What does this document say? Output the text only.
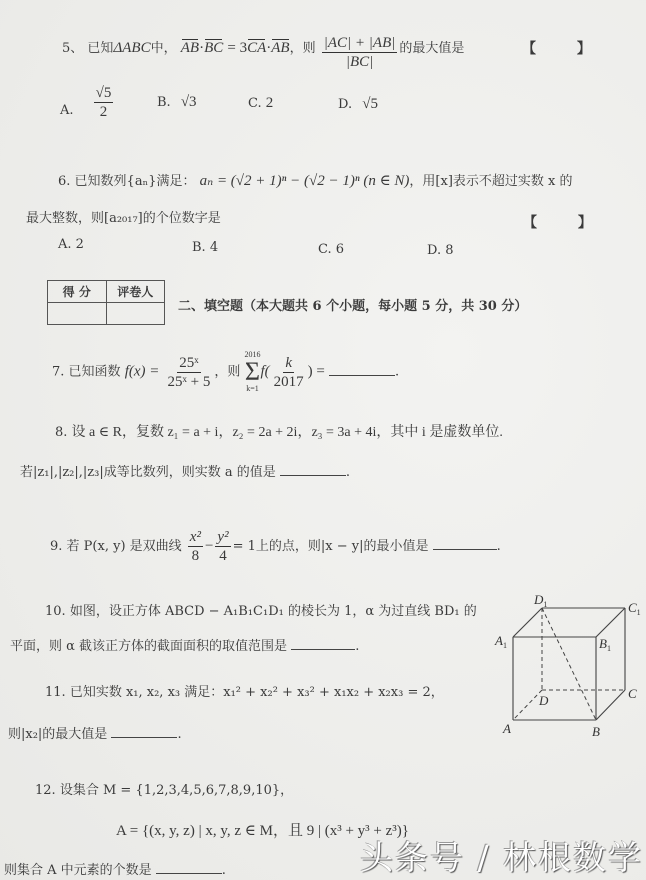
5、 已知ΔABC中， AB·BC = 3CA·AB，则 $\frac{|AC| + |AB|}{|BC|}$ 的最大值是	【 】
A. $\frac{√5}{2}$	B. √3	C. 2	D. √5
6. 已知数列{aₙ}满足： aₙ = (√2 + 1)ⁿ − (√2 − 1)ⁿ (n ∈ N)，用[x]表示不超过实数 x 的
最大整数，则[a₂₀₁₇]的个位数字是	【 】
A. 2	B. 4	C. 6	D. 8
得 分	评卷人

二、填空题（本大题共 6 个小题，每小题 5 分，共 30 分）
7. 已知函数 $f(x) = \frac{\text{25ˣ}}{\text{25ˣ + 5}}$ ，则
2016
Σ
k=1
$f( \frac{k}{2017}$ ) =	.
8. 设 a ∈ R，复数 z₁ = a + i，z₂ = 2a + 2i，z₃ = 3a + 4i，其中 i 是虚数单位.
若|z₁|,|z₂|,|z₃|成等比数列，则实数 a 的值是	.
9. 若 P(x, y) 是双曲线 $\frac{\text{x²}}{8} - \frac{\text{y²}}{4} = 1$上的点，则|x − y|的最小值是	.
10. 如图，设正方体 ABCD − A₁B₁C₁D₁ 的棱长为 1，α 为过直线 BD₁ 的
平面，则 α 截该正方体的截面面积的取值范围是	.
11. 已知实数 x₁, x₂, x₃ 满足：x₁² + x₂² + x₃² + x₁x₂ + x₂x₃ = 2，
则|x₂|的最大值是	.
$D_1$	$C_1$
$A_1$	$B_1$
D	C
A	B
12. 设集合 M = {1,2,3,4,5,6,7,8,9,10}，
A = {(x, y, z) | x, y, z ∈ M，且 9 | (x³ + y³ + z³)}
则集合 A 中元素的个数是	.	头条号 / 林根数学
